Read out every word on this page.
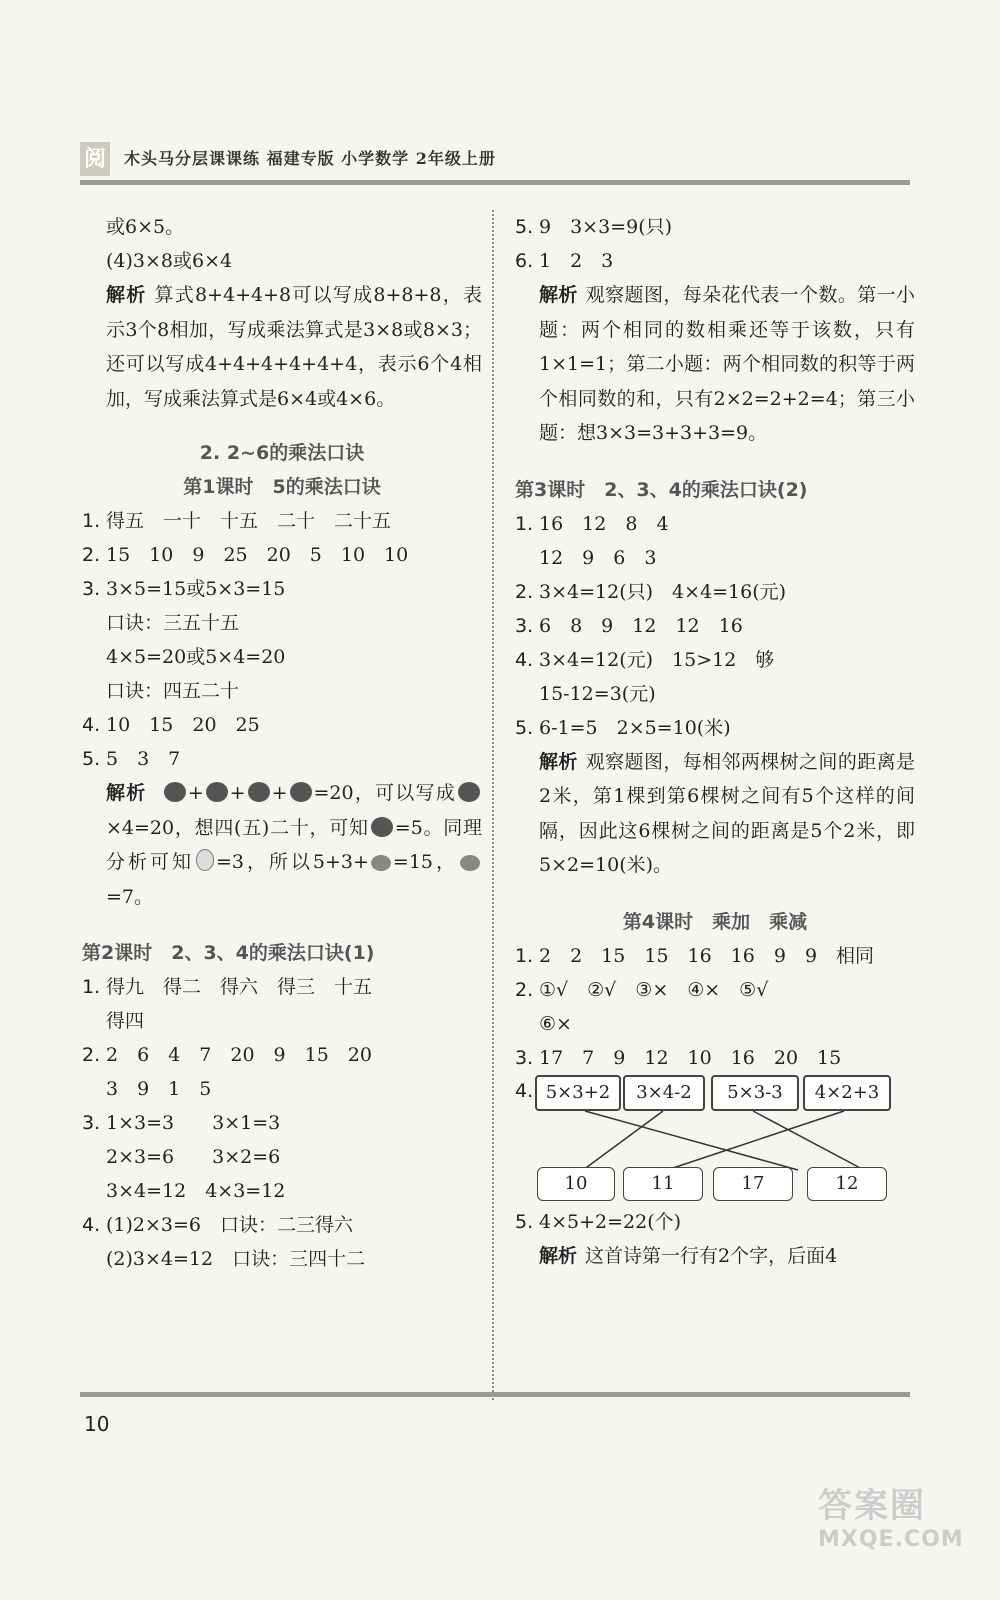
阅 木头马分层课课练 福建专版 小学数学 2年级上册
或6×5。
(4)3×8或6×4
解析 算式8+4+4+8可以写成8+8+8，表示3个8相加，写成乘法算式是3×8或8×3；还可以写成4+4+4+4+4+4，表示6个4相加，写成乘法算式是6×4或4×6。
2. 2~6的乘法口诀
第1课时　5的乘法口诀
1. 得五　一十　十五　二十　二十五
2. 15　10　9　25　20　5　10　10
3. 3×5=15或5×3=15
口诀：三五十五
4×5=20或5×4=20
口诀：四五二十
4. 10　15　20　25
5. 5　3　7
解析 + + + =20，可以写成×4=20，想四(五)二十，可知 =5。同理分析可知 =3，所以5+3+ =15，=7。
第2课时　2、3、4的乘法口诀(1)
1. 得九　得二　得六　得三　十五
得四
2. 2　6　4　7　20　9　15　20
3　9　1　5
3. 1×3=3　　3×1=3
2×3=6　　3×2=6
3×4=12　4×3=12
4. (1)2×3=6　口诀：二三得六
(2)3×4=12　口诀：三四十二
5. 9　3×3=9(只)
6. 1　2　3
解析 观察题图，每朵花代表一个数。第一小题：两个相同的数相乘还等于该数，只有1×1=1；第二小题：两个相同数的积等于两个相同数的和，只有2×2=2+2=4；第三小题：想3×3=3+3+3=9。
第3课时　2、3、4的乘法口诀(2)
1. 16　12　8　4
12　9　6　3
2. 3×4=12(只)　4×4=16(元)
3. 6　8　9　12　12　16
4. 3×4=12(元)　15>12　够
15-12=3(元)
5. 6-1=5　2×5=10(米)
解析 观察题图，每相邻两棵树之间的距离是2米，第1棵到第6棵树之间有5个这样的间隔，因此这6棵树之间的距离是5个2米，即5×2=10(米)。
第4课时　乘加　乘减
1. 2　2　15　15　16　16　9　9　相同
2. ①√　②√　③×　④×　⑤√
⑥×
3. 17　7　9　12　10　16　20　15
4. 5×3+2	3×4-2	5×3-3	4×2+3
10	11	17	12
5. 4×5+2=22(个)
解析 这首诗第一行有2个字，后面4
10
答案圈
MXQE.COM
